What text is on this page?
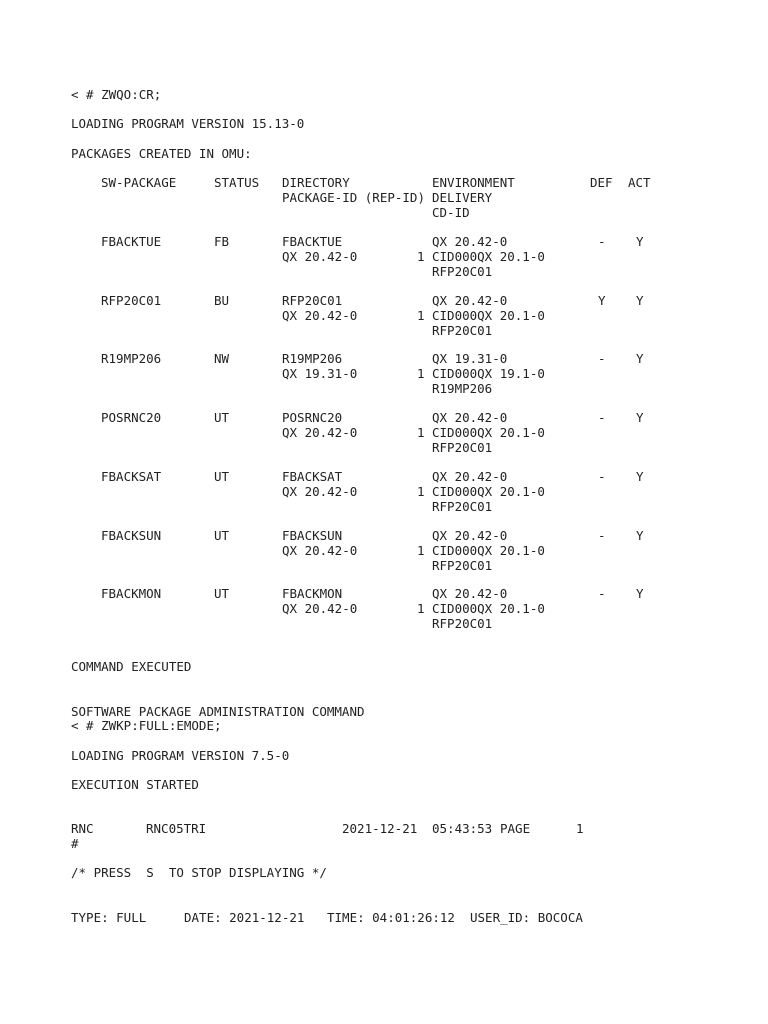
< # ZWQO:CR;
LOADING PROGRAM VERSION 15.13-0
PACKAGES CREATED IN OMU:
SW-PACKAGE	STATUS DIRECTORY	ENVIRONMENT	DEF ACT
PACKAGE-ID (REP-ID) DELIVERY
CD-ID
FBACKTUE	FB	FBACKTUE	QX 20.42-0	- Y
QX 20.42-0	1 CID000QX 20.1-0
RFP20C01
RFP20C01	BU	RFP20C01	QX 20.42-0	Y Y
QX 20.42-0	1 CID000QX 20.1-0
RFP20C01
R19MP206	NW	R19MP206	QX 19.31-0	- Y
QX 19.31-0	1 CID000QX 19.1-0
R19MP206
POSRNC20	UT	POSRNC20	QX 20.42-0	- Y
QX 20.42-0	1 CID000QX 20.1-0
RFP20C01
FBACKSAT	UT	FBACKSAT	QX 20.42-0	- Y
QX 20.42-0	1 CID000QX 20.1-0
RFP20C01
FBACKSUN	UT	FBACKSUN	QX 20.42-0	- Y
QX 20.42-0	1 CID000QX 20.1-0
RFP20C01
FBACKMON	UT	FBACKMON	QX 20.42-0	- Y
QX 20.42-0	1 CID000QX 20.1-0
RFP20C01
COMMAND EXECUTED
SOFTWARE PACKAGE ADMINISTRATION COMMAND
< # ZWKP:FULL:EMODE;
LOADING PROGRAM VERSION 7.5-0
EXECUTION STARTED
RNC	RNC05TRI	2021-12-21 05:43:53 PAGE	1
#
/* PRESS  S  TO STOP DISPLAYING */
TYPE: FULL	DATE: 2021-12-21 TIME: 04:01:26:12 USER_ID: BOCOCA
